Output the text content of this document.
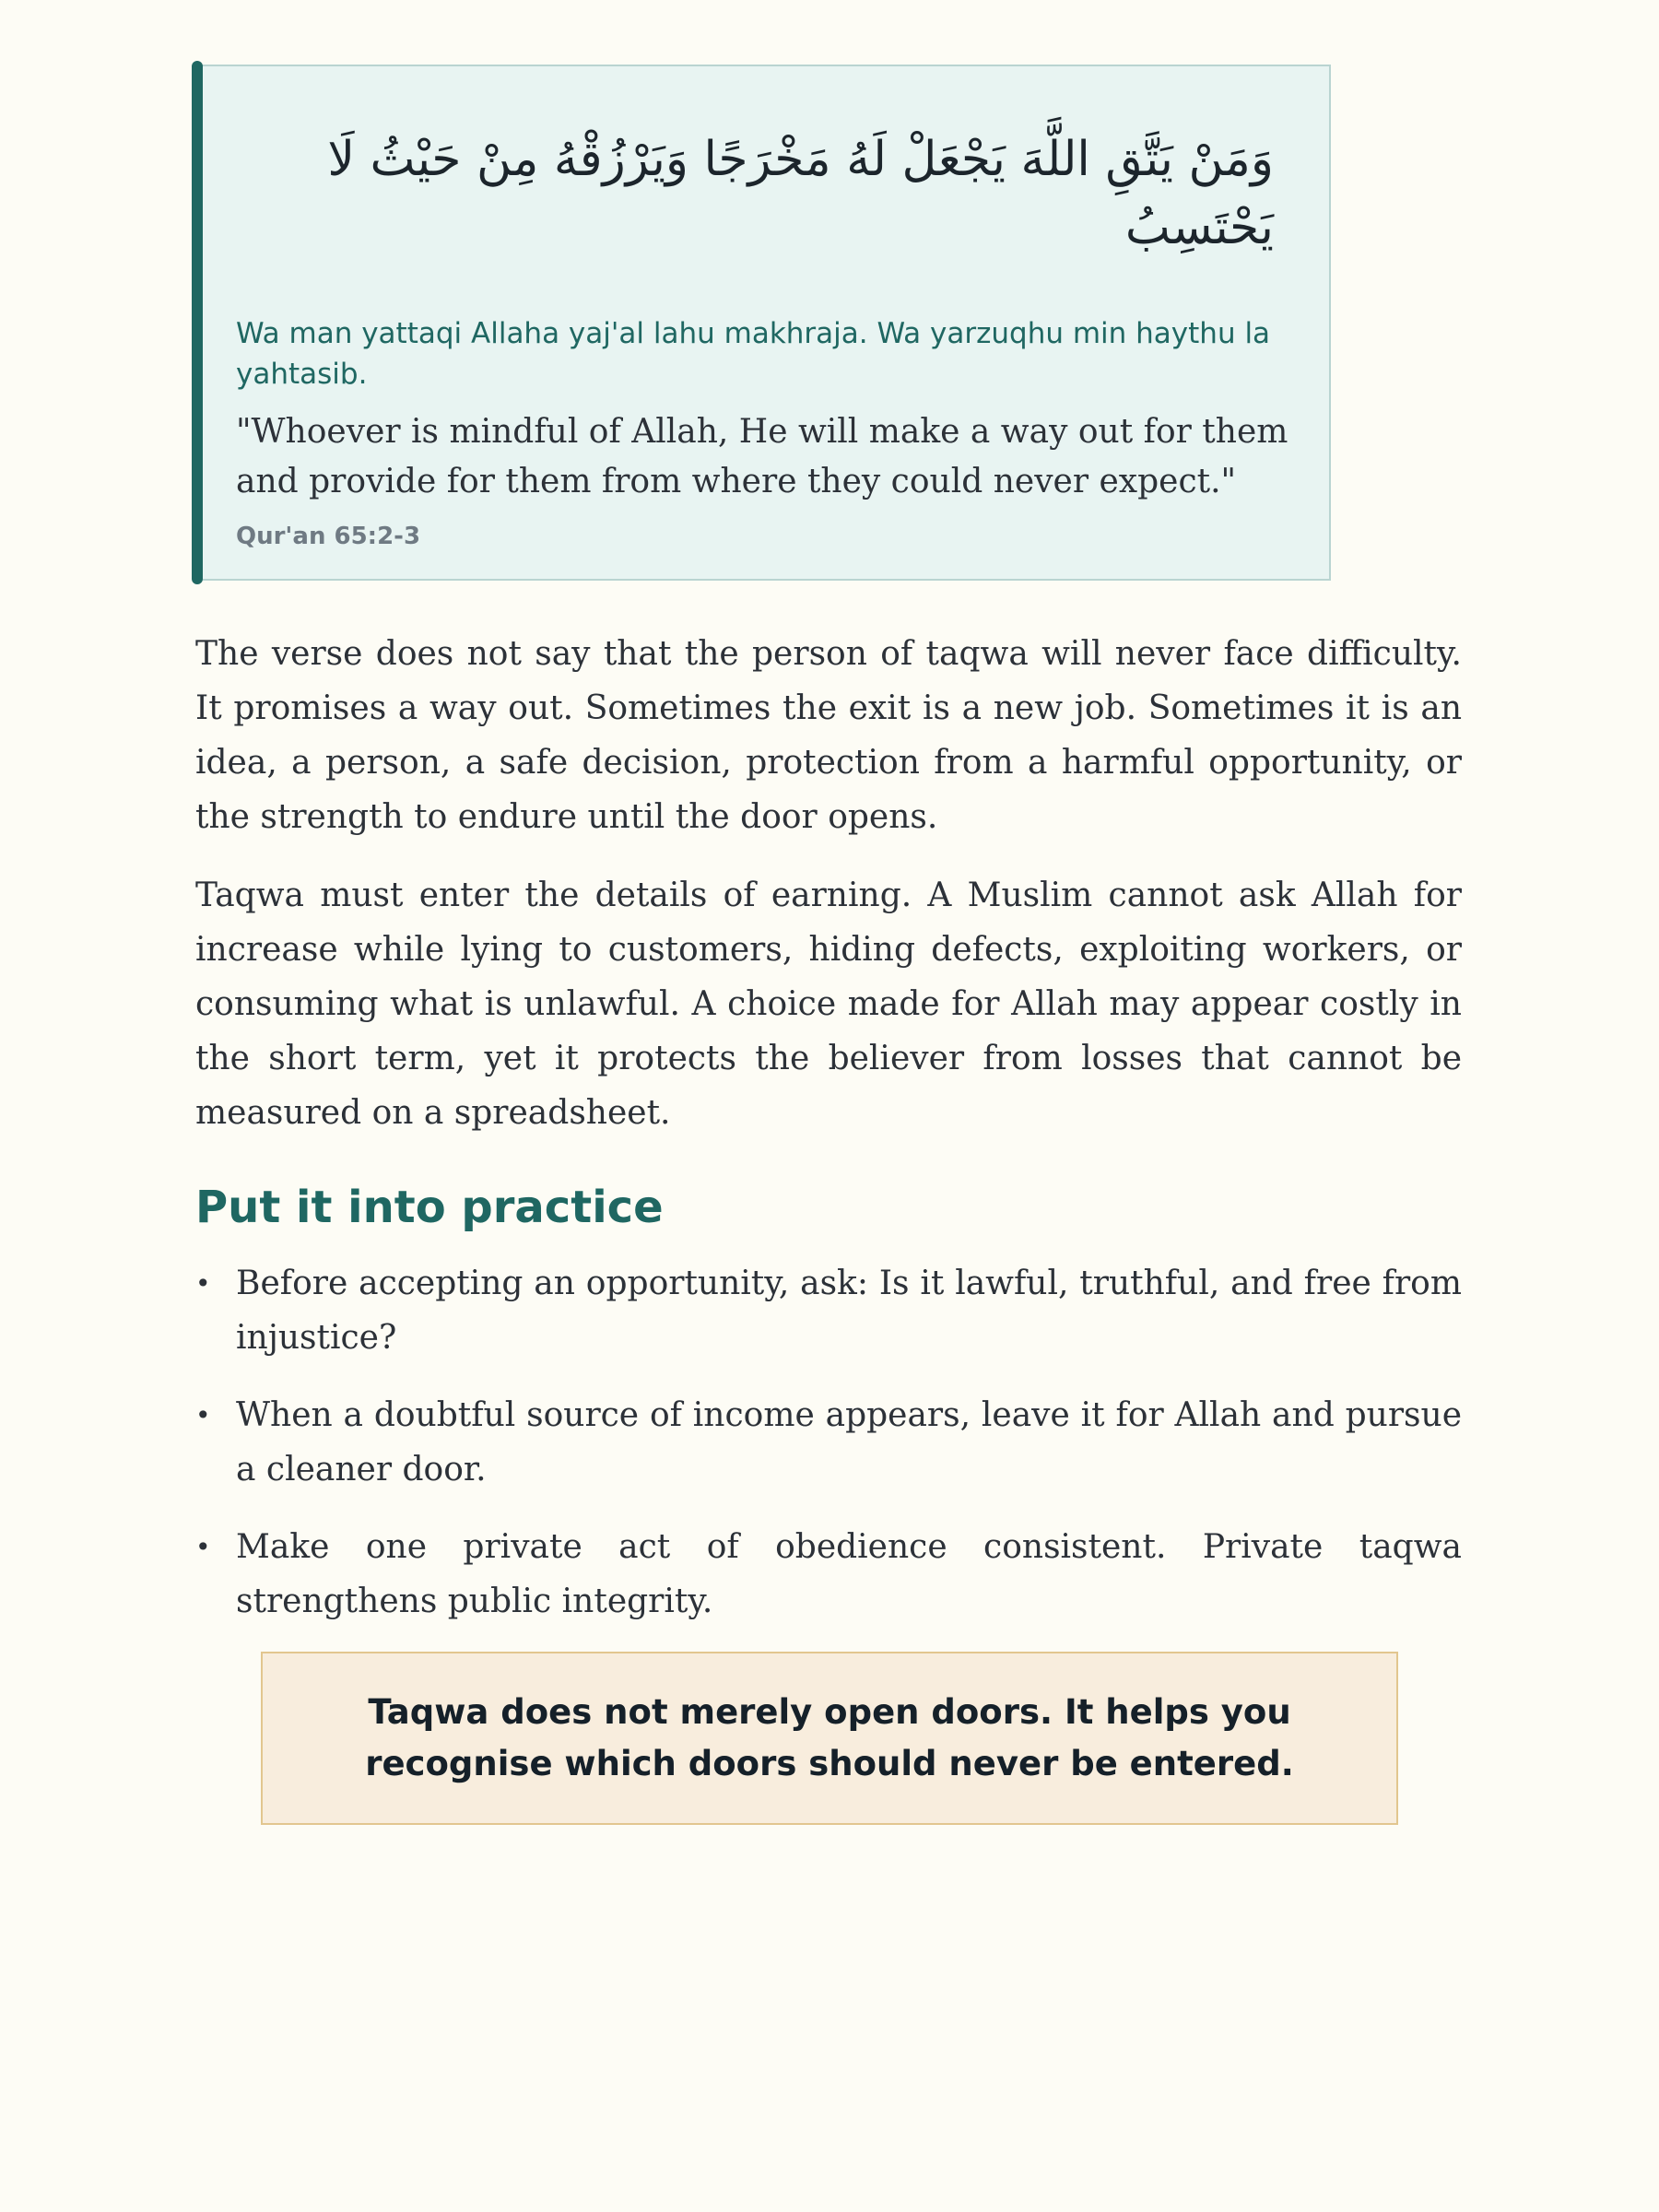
وَمَنْ يَتَّقِ اللَّهَ يَجْعَلْ لَهُ مَخْرَجًا وَيَرْزُقْهُ مِنْ حَيْثُ لَا يَحْتَسِبُ

Wa man yattaqi Allaha yaj'al lahu makhraja. Wa yarzuqhu min haythu la yahtasib.

"Whoever is mindful of Allah, He will make a way out for them and provide for them from where they could never expect."

Qur'an 65:2-3

The verse does not say that the person of taqwa will never face difficulty. It promises a way out. Sometimes the exit is a new job. Sometimes it is an idea, a person, a safe decision, protection from a harmful opportunity, or the strength to endure until the door opens.

Taqwa must enter the details of earning. A Muslim cannot ask Allah for increase while lying to customers, hiding defects, exploiting workers, or consuming what is unlawful. A choice made for Allah may appear costly in the short term, yet it protects the believer from losses that cannot be measured on a spreadsheet.

Put it into practice
• Before accepting an opportunity, ask: Is it lawful, truthful, and free from injustice?
• When a doubtful source of income appears, leave it for Allah and pursue a cleaner door.
• Make one private act of obedience consistent. Private taqwa strengthens public integrity.
Taqwa does not merely open doors. It helps you recognise which doors should never be entered.
